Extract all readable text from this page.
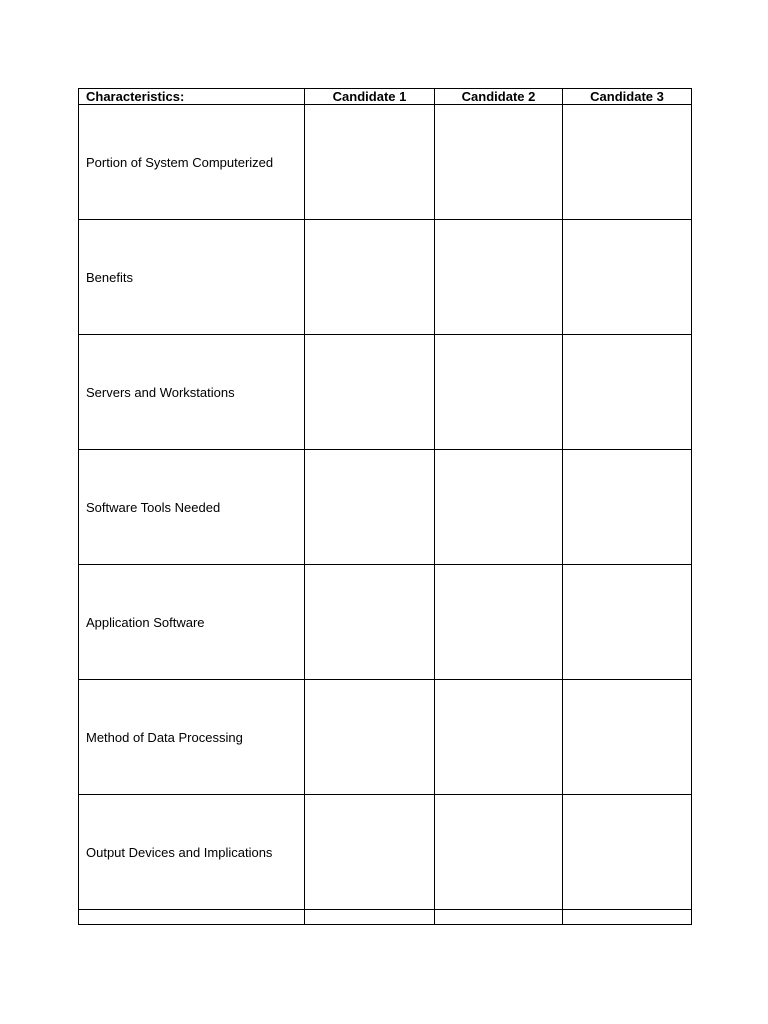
Characteristics:	Candidate 1	Candidate 2	Candidate 3
Portion of System Computerized			
Benefits			
Servers and Workstations			
Software Tools Needed			
Application Software			
Method of Data Processing			
Output Devices and Implications			
